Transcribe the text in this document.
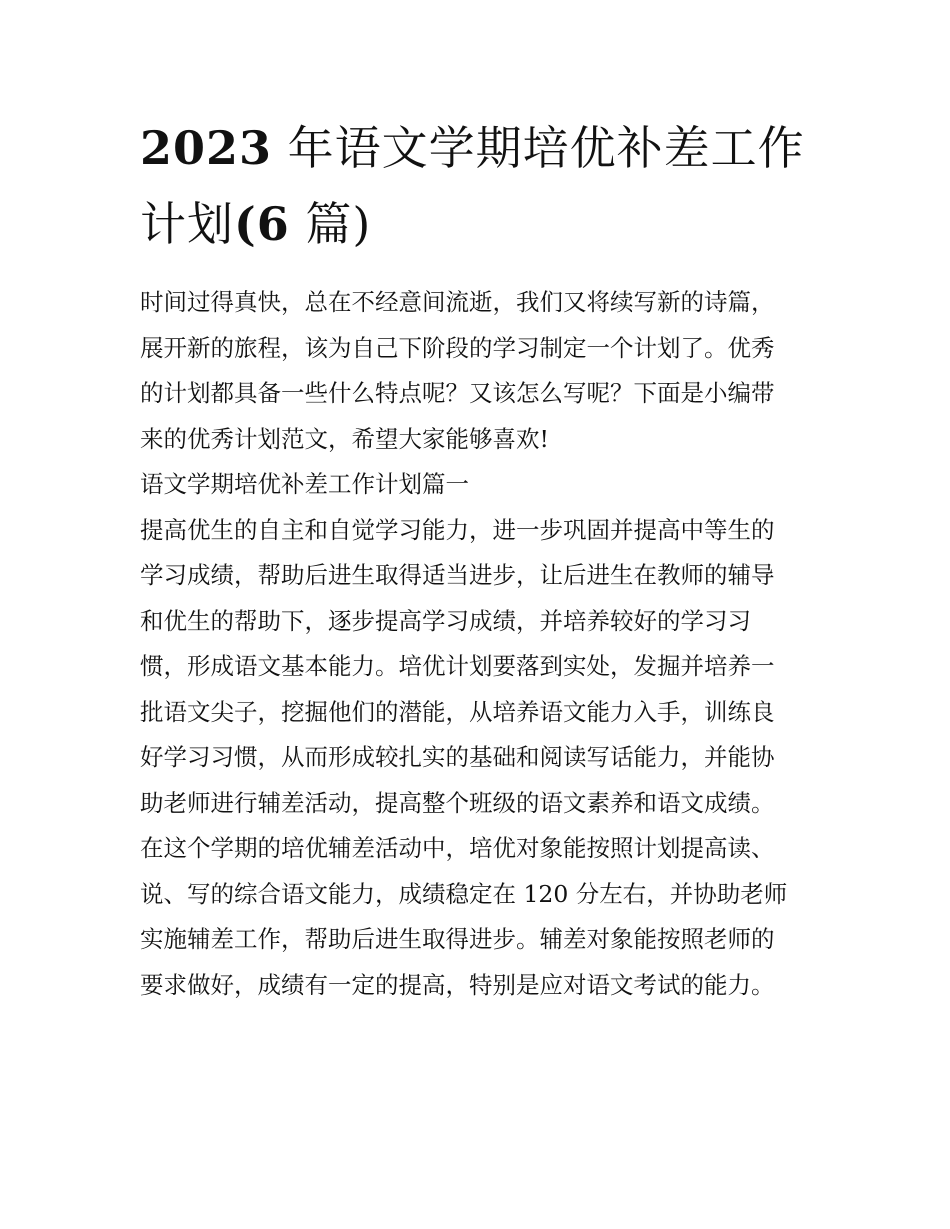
2023 年语文学期培优补差工作
计划(6 篇)
时间过得真快，总在不经意间流逝，我们又将续写新的诗篇，
展开新的旅程，该为自己下阶段的学习制定一个计划了。优秀
的计划都具备一些什么特点呢？又该怎么写呢？下面是小编带
来的优秀计划范文，希望大家能够喜欢!
语文学期培优补差工作计划篇一
提高优生的自主和自觉学习能力，进一步巩固并提高中等生的
学习成绩，帮助后进生取得适当进步，让后进生在教师的辅导
和优生的帮助下，逐步提高学习成绩，并培养较好的学习习
惯，形成语文基本能力。培优计划要落到实处，发掘并培养一
批语文尖子，挖掘他们的潜能，从培养语文能力入手，训练良
好学习习惯，从而形成较扎实的基础和阅读写话能力，并能协
助老师进行辅差活动，提高整个班级的语文素养和语文成绩。
在这个学期的培优辅差活动中，培优对象能按照计划提高读、
说、写的综合语文能力，成绩稳定在 120 分左右，并协助老师
实施辅差工作，帮助后进生取得进步。辅差对象能按照老师的
要求做好，成绩有一定的提高，特别是应对语文考试的能力。
